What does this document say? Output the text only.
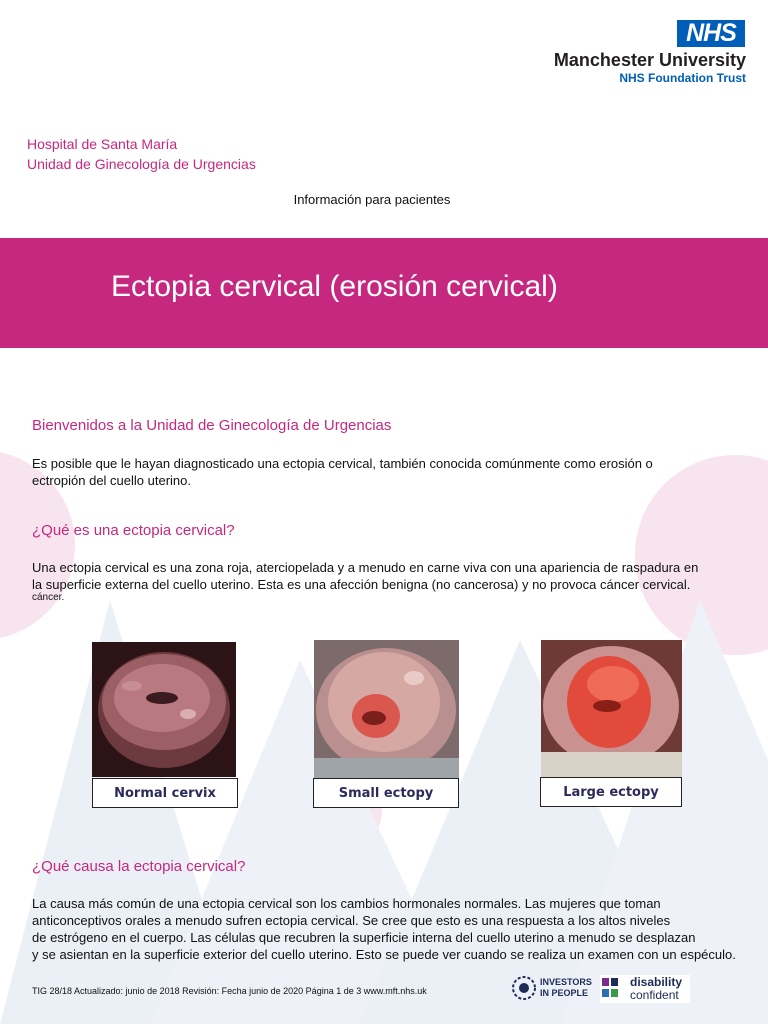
NHS
Manchester University
NHS Foundation Trust
Hospital de Santa María
Unidad de Ginecología de Urgencias
Información para pacientes
Ectopia cervical (erosión cervical)
Bienvenidos a la Unidad de Ginecología de Urgencias
Es posible que le hayan diagnosticado una ectopia cervical, también conocida comúnmente como erosión o
ectropión del cuello uterino.
¿Qué es una ectopia cervical?
Una ectopia cervical es una zona roja, aterciopelada y a menudo en carne viva con una apariencia de raspadura en
la superficie externa del cuello uterino. Esta es una afección benigna (no cancerosa) y no provoca cáncer cervical.
cáncer.
Normal cervix	Small ectopy	Large ectopy
¿Qué causa la ectopia cervical?
La causa más común de una ectopia cervical son los cambios hormonales normales. Las mujeres que toman
anticonceptivos orales a menudo sufren ectopia cervical. Se cree que esto es una respuesta a los altos niveles
de estrógeno en el cuerpo. Las células que recubren la superficie interna del cuello uterino a menudo se desplazan
y se asientan en la superficie exterior del cuello uterino. Esto se puede ver cuando se realiza un examen con un espéculo.
TIG 28/18 Actualizado: junio de 2018 Revisión: Fecha junio de 2020 Página 1 de 3 www.mft.nhs.uk
INVESTORS
IN PEOPLE
disability
confident
